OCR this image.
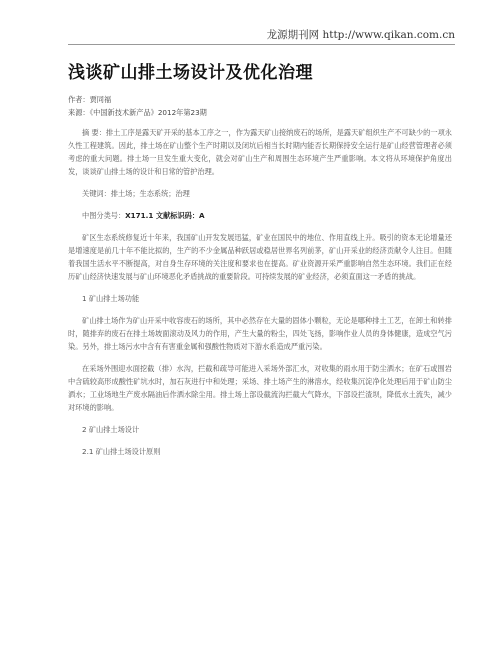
龙源期刊网 http://www.qikan.com.cn
浅谈矿山排土场设计及优化治理
作者：贾同福
来源：《中国新技术新产品》2012年第23期

摘 要：排土工序是露天矿开采的基本工序之一，作为露天矿山接纳废石的场所，是露天矿组织生产不可缺少的一项永久性工程建筑。因此，排土场在矿山整个生产时期以及闭坑后相当长时期内能否长期保持安全运行是矿山经营管理者必须考虑的重大问题。排土场一旦发生重大变化，就会对矿山生产和周围生态环境产生严重影响。本文将从环境保护角度出发，谈谈矿山排土场的设计和日常的管护治理。

关键词：排土场；生态系统；治理

中图分类号：X171.1 文献标识码：A

矿区生态系统修复近十年来，我国矿山开发发展迅猛，矿业在国民中的地位、作用直线上升。吸引的资本无论增量还是增速度是前几十年不能比拟的，生产的不少金属品种跃居或稳居世界名列前茅，矿山开采业的经济贡献令人注目。但随着我国生活水平不断提高，对自身生存环境的关注度和要求也在提高。矿业资源开采严重影响自然生态环境。我们正在经历矿山经济快速发展与矿山环境恶化矛盾挑战的重要阶段。可持续发展的矿业经济，必须直面这一矛盾的挑战。

1 矿山排土场功能

矿山排土场作为矿山开采中收容废石的场所，其中必然存在大量的固体小颗粒，无论是哪种排土工艺，在卸土和转排时，随排弃的废石在排土场坡面滚动及风力的作用，产生大量的粉尘，四处飞扬，影响作业人员的身体健康，造成空气污染。另外，排土场污水中含有有害重金属和强酸性物质对下游水系造成严重污染。

在采场外围迎水面挖截（排）水沟，拦截和疏导可能进入采场外部汇水，对收集的雨水用于防尘洒水；在矿石或围岩中含硫较高形成酸性矿坑水时，加石灰进行中和处理；采场、排土场产生的淋溶水，经收集沉淀净化处理后用于矿山防尘洒水；工业场地生产废水隔油后作洒水除尘用。排土场上部设截流沟拦截大气降水，下部设拦渣坝，降低水土流失，减少对环境的影响。

2 矿山排土场设计

2.1 矿山排土场设计原则
